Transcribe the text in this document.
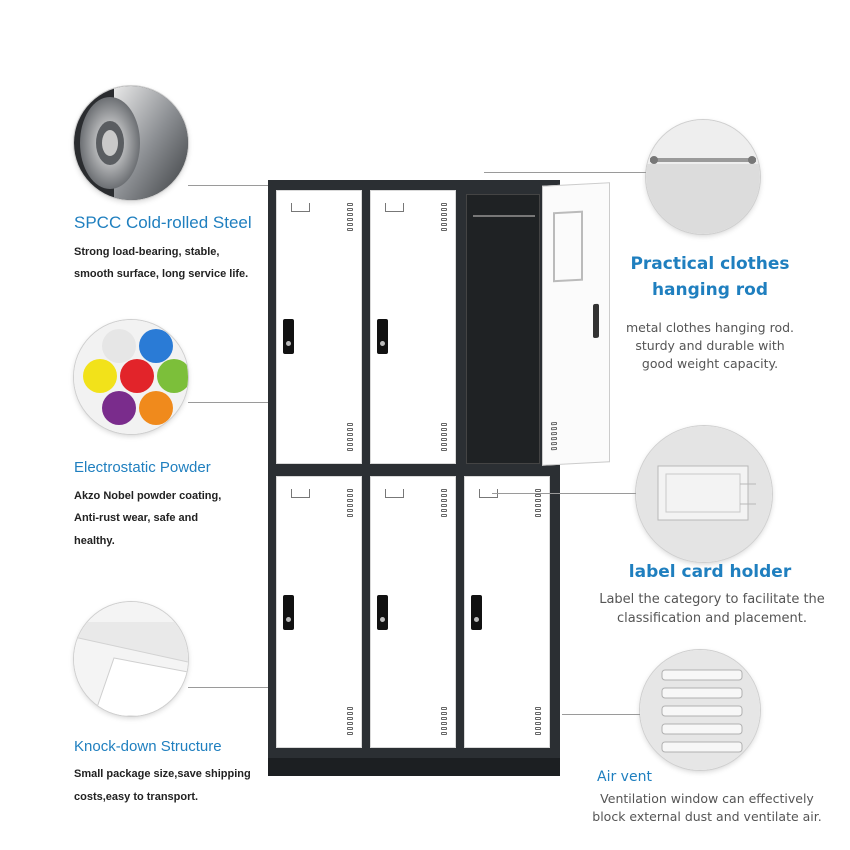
SPCC Cold-rolled Steel
Strong load-bearing, stable,
smooth surface, long service life.
Electrostatic Powder
Akzo Nobel powder coating,
Anti-rust wear, safe and
healthy.
Knock-down Structure
Small package size,save shipping
costs,easy to transport.
Practical clothes
hanging rod
metal clothes hanging rod.
sturdy and durable with
good weight capacity.
label card holder
Label the category to facilitate the
classification and placement.
Air vent
Ventilation window can effectively
block external dust and ventilate air.
